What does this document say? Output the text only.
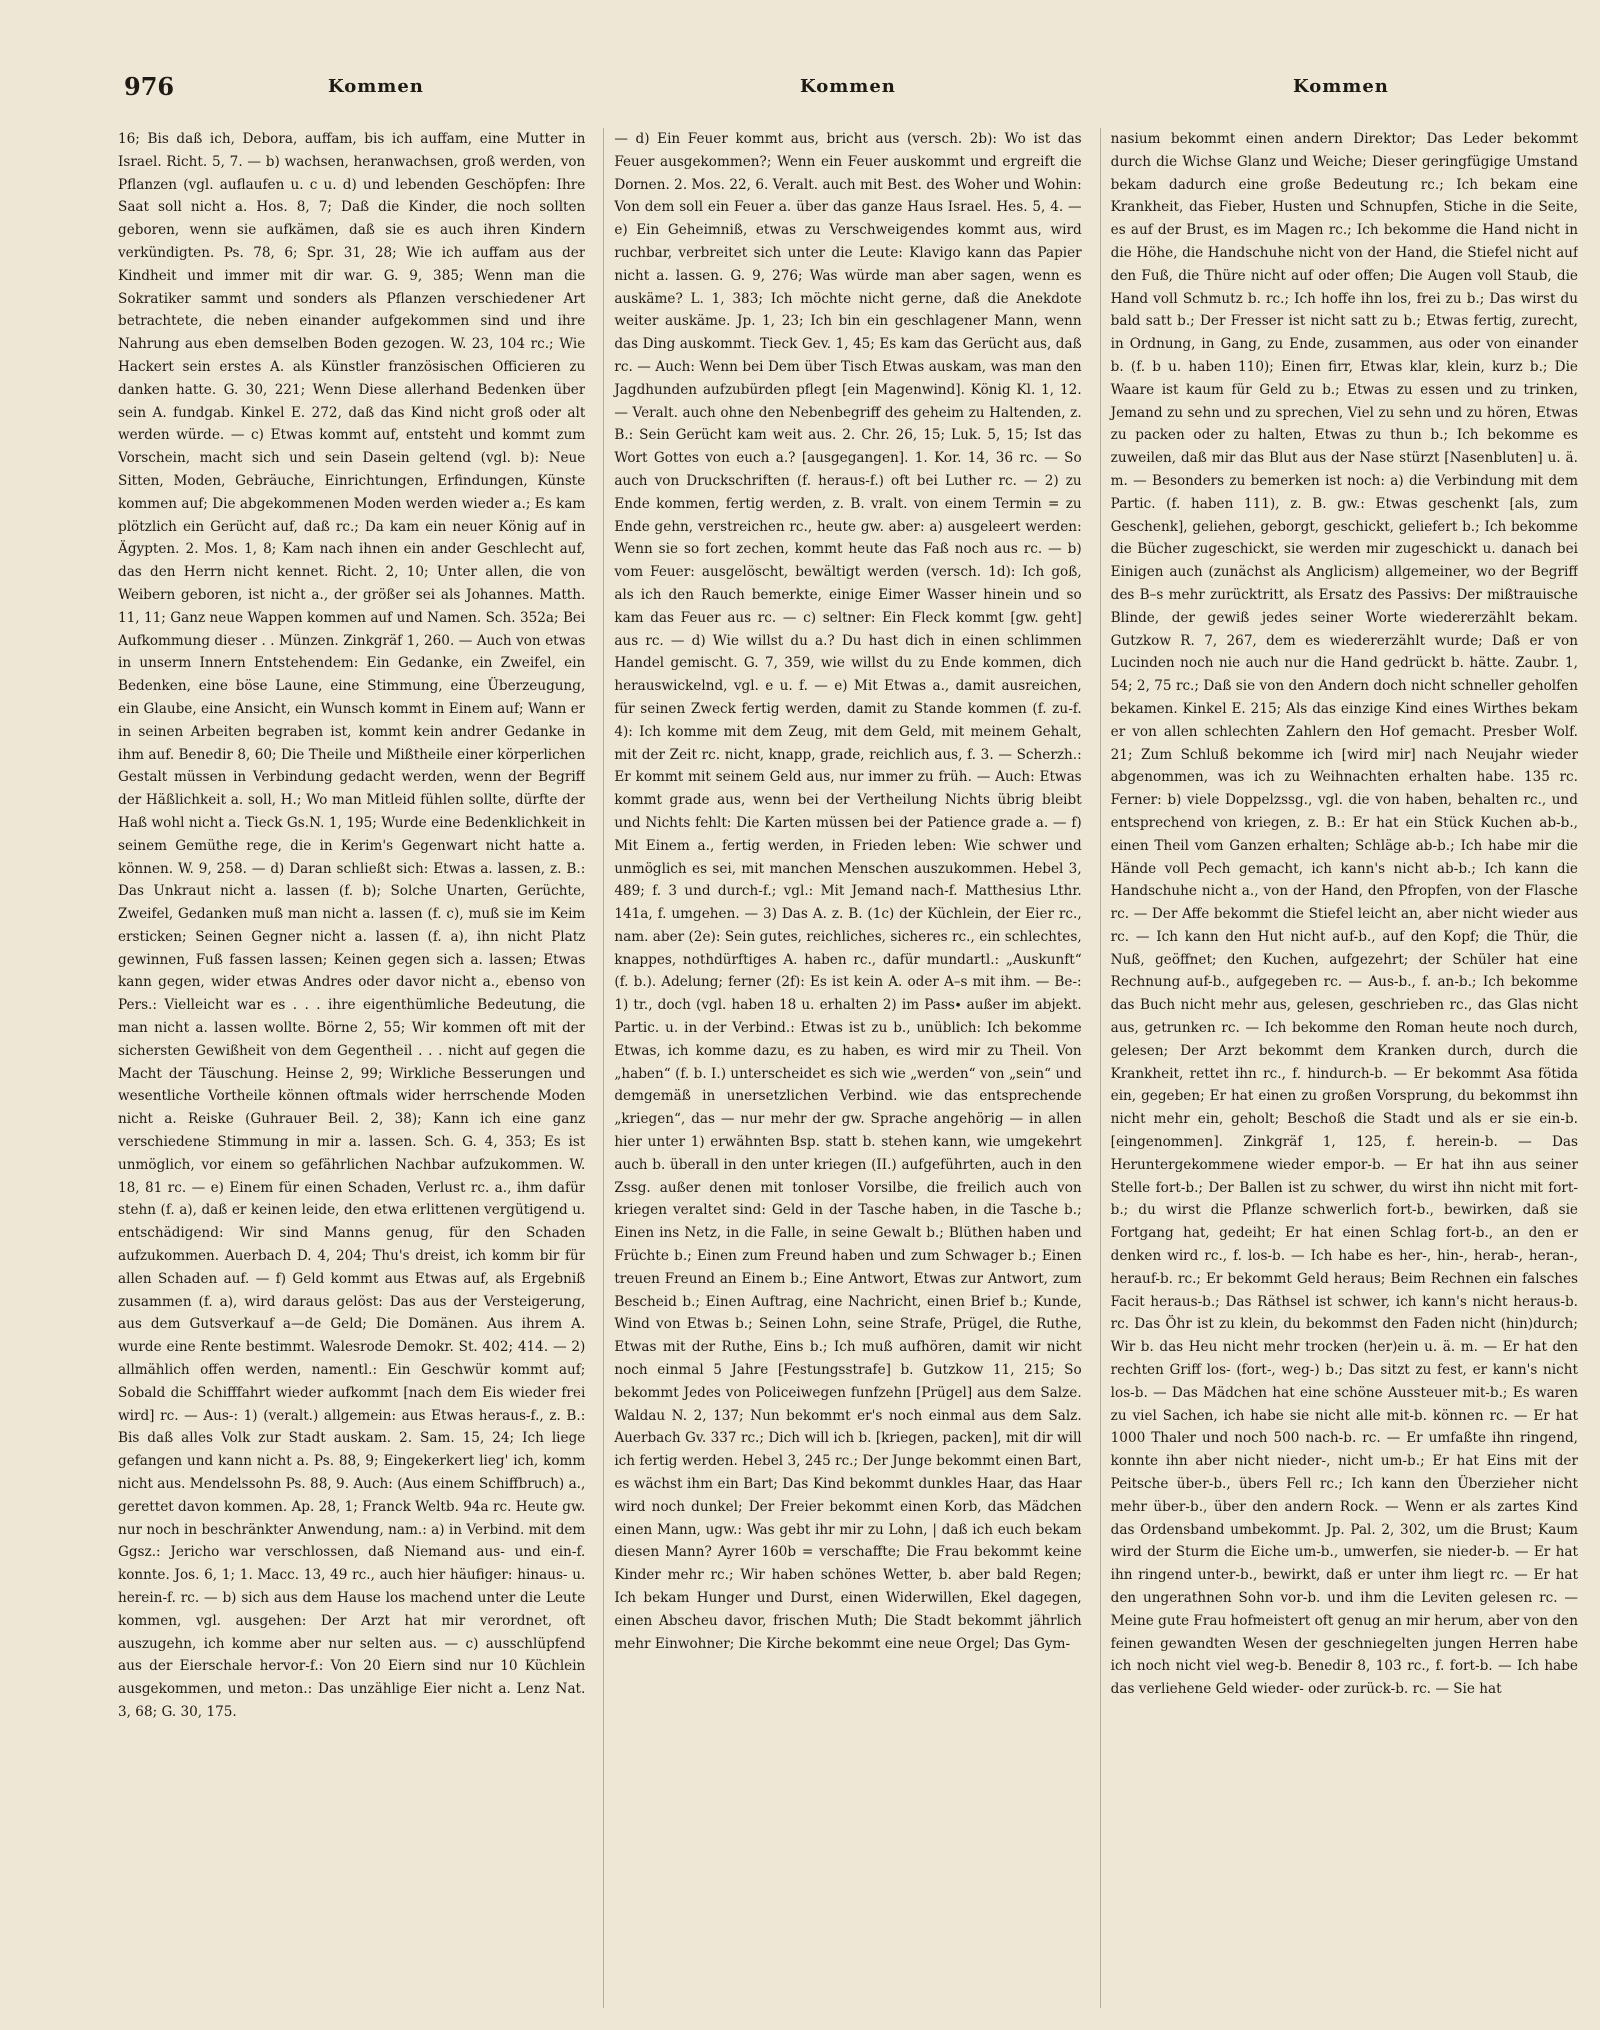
976	Kommen	Kommen	Kommen

16; Bis daß ich, Debora, auffam, bis ich auffam, eine Mutter in Israel. Richt. 5, 7. — b) wachsen, heranwachsen, groß werden, von Pflanzen (vgl. auflaufen u. c u. d) und lebenden Geschöpfen: Ihre Saat soll nicht a. Hos. 8, 7; Daß die Kinder, die noch sollten geboren, wenn sie aufkämen, daß sie es auch ihren Kindern verkündigten. Ps. 78, 6; Spr. 31, 28; Wie ich auffam aus der Kindheit und immer mit dir war. G. 9, 385; Wenn man die Sokratiker sammt und sonders als Pflanzen verschiedener Art betrachtete, die neben einander aufgekommen sind und ihre Nahrung aus eben demselben Boden gezogen. W. 23, 104 rc.; Wie Hackert sein erstes A. als Künstler französischen Officieren zu danken hatte. G. 30, 221; Wenn Diese allerhand Bedenken über sein A. fundgab. Kinkel E. 272, daß das Kind nicht groß oder alt werden würde. — c) Etwas kommt auf, entsteht und kommt zum Vorschein, macht sich und sein Dasein geltend (vgl. b): Neue Sitten, Moden, Gebräuche, Einrichtungen, Erfindungen, Künste kommen auf; Die abgekommenen Moden werden wieder a.; Es kam plötzlich ein Gerücht auf, daß rc.; Da kam ein neuer König auf in Ägypten. 2. Mos. 1, 8; Kam nach ihnen ein ander Geschlecht auf, das den Herrn nicht kennet. Richt. 2, 10; Unter allen, die von Weibern geboren, ist nicht a., der größer sei als Johannes. Matth. 11, 11; Ganz neue Wappen kommen auf und Namen. Sch. 352a; Bei Aufkommung dieser . . Münzen. Zinkgräf 1, 260. — Auch von etwas in unserm Innern Entstehendem: Ein Gedanke, ein Zweifel, ein Bedenken, eine böse Laune, eine Stimmung, eine Überzeugung, ein Glaube, eine Ansicht, ein Wunsch kommt in Einem auf; Wann er in seinen Arbeiten begraben ist, kommt kein andrer Gedanke in ihm auf. Benedir 8, 60; Die Theile und Mißtheile einer körperlichen Gestalt müssen in Verbindung gedacht werden, wenn der Begriff der Häßlichkeit a. soll, H.; Wo man Mitleid fühlen sollte, dürfte der Haß wohl nicht a. Tieck Gs.N. 1, 195; Wurde eine Bedenklichkeit in seinem Gemüthe rege, die in Kerim's Gegenwart nicht hatte a. können. W. 9, 258. — d) Daran schließt sich: Etwas a. lassen, z. B.: Das Unkraut nicht a. lassen (f. b); Solche Unarten, Gerüchte, Zweifel, Gedanken muß man nicht a. lassen (f. c), muß sie im Keim ersticken; Seinen Gegner nicht a. lassen (f. a), ihn nicht Platz gewinnen, Fuß fassen lassen; Keinen gegen sich a. lassen; Etwas kann gegen, wider etwas Andres oder davor nicht a., ebenso von Pers.: Vielleicht war es . . . ihre eigenthümliche Bedeutung, die man nicht a. lassen wollte. Börne 2, 55; Wir kommen oft mit der sichersten Gewißheit von dem Gegentheil . . . nicht auf gegen die Macht der Täuschung. Heinse 2, 99; Wirkliche Besserungen und wesentliche Vortheile können oftmals wider herrschende Moden nicht a. Reiske (Guhrauer Beil. 2, 38); Kann ich eine ganz verschiedene Stimmung in mir a. lassen. Sch. G. 4, 353; Es ist unmöglich, vor einem so gefährlichen Nachbar aufzukommen. W. 18, 81 rc. — e) Einem für einen Schaden, Verlust rc. a., ihm dafür stehn (f. a), daß er keinen leide, den etwa erlittenen vergütigend u. entschädigend: Wir sind Manns genug, für den Schaden aufzukommen. Auerbach D. 4, 204; Thu's dreist, ich komm bir für allen Schaden auf. — f) Geld kommt aus Etwas auf, als Ergebniß zusammen (f. a), wird daraus gelöst: Das aus der Versteigerung, aus dem Gutsverkauf a—de Geld; Die Domänen. Aus ihrem A. wurde eine Rente bestimmt. Walesrode Demokr. St. 402; 414. — 2) allmählich offen werden, namentl.: Ein Geschwür kommt auf; Sobald die Schifffahrt wieder aufkommt [nach dem Eis wieder frei wird] rc. — Aus-: 1) (veralt.) allgemein: aus Etwas heraus-f., z. B.: Bis daß alles Volk zur Stadt auskam. 2. Sam. 15, 24; Ich liege gefangen und kann nicht a. Ps. 88, 9; Eingekerkert lieg' ich, komm nicht aus. Mendelssohn Ps. 88, 9. Auch: (Aus einem Schiffbruch) a., gerettet davon kommen. Ap. 28, 1; Franck Weltb. 94a rc. Heute gw. nur noch in beschränkter Anwendung, nam.: a) in Verbind. mit dem Ggsz.: Jericho war verschlossen, daß Niemand aus- und ein-f. konnte. Jos. 6, 1; 1. Macc. 13, 49 rc., auch hier häufiger: hinaus- u. herein-f. rc. — b) sich aus dem Hause los machend unter die Leute kommen, vgl. ausgehen: Der Arzt hat mir verordnet, oft auszugehn, ich komme aber nur selten aus. — c) ausschlüpfend aus der Eierschale hervor-f.: Von 20 Eiern sind nur 10 Küchlein ausgekommen, und meton.: Das unzählige Eier nicht a. Lenz Nat. 3, 68; G. 30, 175.

— d) Ein Feuer kommt aus, bricht aus (versch. 2b): Wo ist das Feuer ausgekommen?; Wenn ein Feuer auskommt und ergreift die Dornen. 2. Mos. 22, 6. Veralt. auch mit Best. des Woher und Wohin: Von dem soll ein Feuer a. über das ganze Haus Israel. Hes. 5, 4. — e) Ein Geheimniß, etwas zu Verschweigendes kommt aus, wird ruchbar, verbreitet sich unter die Leute: Klavigo kann das Papier nicht a. lassen. G. 9, 276; Was würde man aber sagen, wenn es auskäme? L. 1, 383; Ich möchte nicht gerne, daß die Anekdote weiter auskäme. Jp. 1, 23; Ich bin ein geschlagener Mann, wenn das Ding auskommt. Tieck Gev. 1, 45; Es kam das Gerücht aus, daß rc. — Auch: Wenn bei Dem über Tisch Etwas auskam, was man den Jagdhunden aufzubürden pflegt [ein Magenwind]. König Kl. 1, 12. — Veralt. auch ohne den Nebenbegriff des geheim zu Haltenden, z. B.: Sein Gerücht kam weit aus. 2. Chr. 26, 15; Luk. 5, 15; Ist das Wort Gottes von euch a.? [ausgegangen]. 1. Kor. 14, 36 rc. — So auch von Druckschriften (f. heraus-f.) oft bei Luther rc. — 2) zu Ende kommen, fertig werden, z. B. vralt. von einem Termin = zu Ende gehn, verstreichen rc., heute gw. aber: a) ausgeleert werden: Wenn sie so fort zechen, kommt heute das Faß noch aus rc. — b) vom Feuer: ausgelöscht, bewältigt werden (versch. 1d): Ich goß, als ich den Rauch bemerkte, einige Eimer Wasser hinein und so kam das Feuer aus rc. — c) seltner: Ein Fleck kommt [gw. geht] aus rc. — d) Wie willst du a.? Du hast dich in einen schlimmen Handel gemischt. G. 7, 359, wie willst du zu Ende kommen, dich herauswickelnd, vgl. e u. f. — e) Mit Etwas a., damit ausreichen, für seinen Zweck fertig werden, damit zu Stande kommen (f. zu-f. 4): Ich komme mit dem Zeug, mit dem Geld, mit meinem Gehalt, mit der Zeit rc. nicht, knapp, grade, reichlich aus, f. 3. — Scherzh.: Er kommt mit seinem Geld aus, nur immer zu früh. — Auch: Etwas kommt grade aus, wenn bei der Vertheilung Nichts übrig bleibt und Nichts fehlt: Die Karten müssen bei der Patience grade a. — f) Mit Einem a., fertig werden, in Frieden leben: Wie schwer und unmöglich es sei, mit manchen Menschen auszukommen. Hebel 3, 489; f. 3 und durch-f.; vgl.: Mit Jemand nach-f. Matthesius Lthr. 141a, f. umgehen. — 3) Das A. z. B. (1c) der Küchlein, der Eier rc., nam. aber (2e): Sein gutes, reichliches, sicheres rc., ein schlechtes, knappes, nothdürftiges A. haben rc., dafür mundartl.: „Auskunft“ (f. b.). Adelung; ferner (2f): Es ist kein A. oder A–s mit ihm. — Be-: 1) tr., doch (vgl. haben 18 u. erhalten 2) im Pass∙ außer im abjekt. Partic. u. in der Verbind.: Etwas ist zu b., unüblich: Ich bekomme Etwas, ich komme dazu, es zu haben, es wird mir zu Theil. Von „haben“ (f. b. I.) unterscheidet es sich wie „werden“ von „sein“ und demgemäß in unersetzlichen Verbind. wie das entsprechende „kriegen“, das — nur mehr der gw. Sprache angehörig — in allen hier unter 1) erwähnten Bsp. statt b. stehen kann, wie umgekehrt auch b. überall in den unter kriegen (II.) aufgeführten, auch in den Zssg. außer denen mit tonloser Vorsilbe, die freilich auch von kriegen veraltet sind: Geld in der Tasche haben, in die Tasche b.; Einen ins Netz, in die Falle, in seine Gewalt b.; Blüthen haben und Früchte b.; Einen zum Freund haben und zum Schwager b.; Einen treuen Freund an Einem b.; Eine Antwort, Etwas zur Antwort, zum Bescheid b.; Einen Auftrag, eine Nachricht, einen Brief b.; Kunde, Wind von Etwas b.; Seinen Lohn, seine Strafe, Prügel, die Ruthe, Etwas mit der Ruthe, Eins b.; Ich muß aufhören, damit wir nicht noch einmal 5 Jahre [Festungsstrafe] b. Gutzkow 11, 215; So bekommt Jedes von Policeiwegen funfzehn [Prügel] aus dem Salze. Waldau N. 2, 137; Nun bekommt er's noch einmal aus dem Salz. Auerbach Gv. 337 rc.; Dich will ich b. [kriegen, packen], mit dir will ich fertig werden. Hebel 3, 245 rc.; Der Junge bekommt einen Bart, es wächst ihm ein Bart; Das Kind bekommt dunkles Haar, das Haar wird noch dunkel; Der Freier bekommt einen Korb, das Mädchen einen Mann, ugw.: Was gebt ihr mir zu Lohn, | daß ich euch bekam diesen Mann? Ayrer 160b = verschaffte; Die Frau bekommt keine Kinder mehr rc.; Wir haben schönes Wetter, b. aber bald Regen; Ich bekam Hunger und Durst, einen Widerwillen, Ekel dagegen, einen Abscheu davor, frischen Muth; Die Stadt bekommt jährlich mehr Einwohner; Die Kirche bekommt eine neue Orgel; Das Gym-

nasium bekommt einen andern Direktor; Das Leder bekommt durch die Wichse Glanz und Weiche; Dieser geringfügige Umstand bekam dadurch eine große Bedeutung rc.; Ich bekam eine Krankheit, das Fieber, Husten und Schnupfen, Stiche in die Seite, es auf der Brust, es im Magen rc.; Ich bekomme die Hand nicht in die Höhe, die Handschuhe nicht von der Hand, die Stiefel nicht auf den Fuß, die Thüre nicht auf oder offen; Die Augen voll Staub, die Hand voll Schmutz b. rc.; Ich hoffe ihn los, frei zu b.; Das wirst du bald satt b.; Der Fresser ist nicht satt zu b.; Etwas fertig, zurecht, in Ordnung, in Gang, zu Ende, zusammen, aus oder von einander b. (f. b u. haben 110); Einen firr, Etwas klar, klein, kurz b.; Die Waare ist kaum für Geld zu b.; Etwas zu essen und zu trinken, Jemand zu sehn und zu sprechen, Viel zu sehn und zu hören, Etwas zu packen oder zu halten, Etwas zu thun b.; Ich bekomme es zuweilen, daß mir das Blut aus der Nase stürzt [Nasenbluten] u. ä. m. — Besonders zu bemerken ist noch: a) die Verbindung mit dem Partic. (f. haben 111), z. B. gw.: Etwas geschenkt [als, zum Geschenk], geliehen, geborgt, geschickt, geliefert b.; Ich bekomme die Bücher zugeschickt, sie werden mir zugeschickt u. danach bei Einigen auch (zunächst als Anglicism) allgemeiner, wo der Begriff des B–s mehr zurücktritt, als Ersatz des Passivs: Der mißtrauische Blinde, der gewiß jedes seiner Worte wiedererzählt bekam. Gutzkow R. 7, 267, dem es wiedererzählt wurde; Daß er von Lucinden noch nie auch nur die Hand gedrückt b. hätte. Zaubr. 1, 54; 2, 75 rc.; Daß sie von den Andern doch nicht schneller geholfen bekamen. Kinkel E. 215; Als das einzige Kind eines Wirthes bekam er von allen schlechten Zahlern den Hof gemacht. Presber Wolf. 21; Zum Schluß bekomme ich [wird mir] nach Neujahr wieder abgenommen, was ich zu Weihnachten erhalten habe. 135 rc. Ferner: b) viele Doppelzssg., vgl. die von haben, behalten rc., und entsprechend von kriegen, z. B.: Er hat ein Stück Kuchen ab-b., einen Theil vom Ganzen erhalten; Schläge ab-b.; Ich habe mir die Hände voll Pech gemacht, ich kann's nicht ab-b.; Ich kann die Handschuhe nicht a., von der Hand, den Pfropfen, von der Flasche rc. — Der Affe bekommt die Stiefel leicht an, aber nicht wieder aus rc. — Ich kann den Hut nicht auf-b., auf den Kopf; die Thür, die Nuß, geöffnet; den Kuchen, aufgezehrt; der Schüler hat eine Rechnung auf-b., aufgegeben rc. — Aus-b., f. an-b.; Ich bekomme das Buch nicht mehr aus, gelesen, geschrieben rc., das Glas nicht aus, getrunken rc. — Ich bekomme den Roman heute noch durch, gelesen; Der Arzt bekommt dem Kranken durch, durch die Krankheit, rettet ihn rc., f. hindurch-b. — Er bekommt Asa fötida ein, gegeben; Er hat einen zu großen Vorsprung, du bekommst ihn nicht mehr ein, geholt; Beschoß die Stadt und als er sie ein-b. [eingenommen]. Zinkgräf 1, 125, f. herein-b. — Das Heruntergekommene wieder empor-b. — Er hat ihn aus seiner Stelle fort-b.; Der Ballen ist zu schwer, du wirst ihn nicht mit fort-b.; du wirst die Pflanze schwerlich fort-b., bewirken, daß sie Fortgang hat, gedeiht; Er hat einen Schlag fort-b., an den er denken wird rc., f. los-b. — Ich habe es her-, hin-, herab-, heran-, herauf-b. rc.; Er bekommt Geld heraus; Beim Rechnen ein falsches Facit heraus-b.; Das Räthsel ist schwer, ich kann's nicht heraus-b. rc. Das Öhr ist zu klein, du bekommst den Faden nicht (hin)durch; Wir b. das Heu nicht mehr trocken (her)ein u. ä. m. — Er hat den rechten Griff los- (fort-, weg-) b.; Das sitzt zu fest, er kann's nicht los-b. — Das Mädchen hat eine schöne Aussteuer mit-b.; Es waren zu viel Sachen, ich habe sie nicht alle mit-b. können rc. — Er hat 1000 Thaler und noch 500 nach-b. rc. — Er umfaßte ihn ringend, konnte ihn aber nicht nieder-, nicht um-b.; Er hat Eins mit der Peitsche über-b., übers Fell rc.; Ich kann den Überzieher nicht mehr über-b., über den andern Rock. — Wenn er als zartes Kind das Ordensband umbekommt. Jp. Pal. 2, 302, um die Brust; Kaum wird der Sturm die Eiche um-b., umwerfen, sie nieder-b. — Er hat ihn ringend unter-b., bewirkt, daß er unter ihm liegt rc. — Er hat den ungerathnen Sohn vor-b. und ihm die Leviten gelesen rc. — Meine gute Frau hofmeistert oft genug an mir herum, aber von den feinen gewandten Wesen der geschniegelten jungen Herren habe ich noch nicht viel weg-b. Benedir 8, 103 rc., f. fort-b. — Ich habe das verliehene Geld wieder- oder zurück-b. rc. — Sie hat
